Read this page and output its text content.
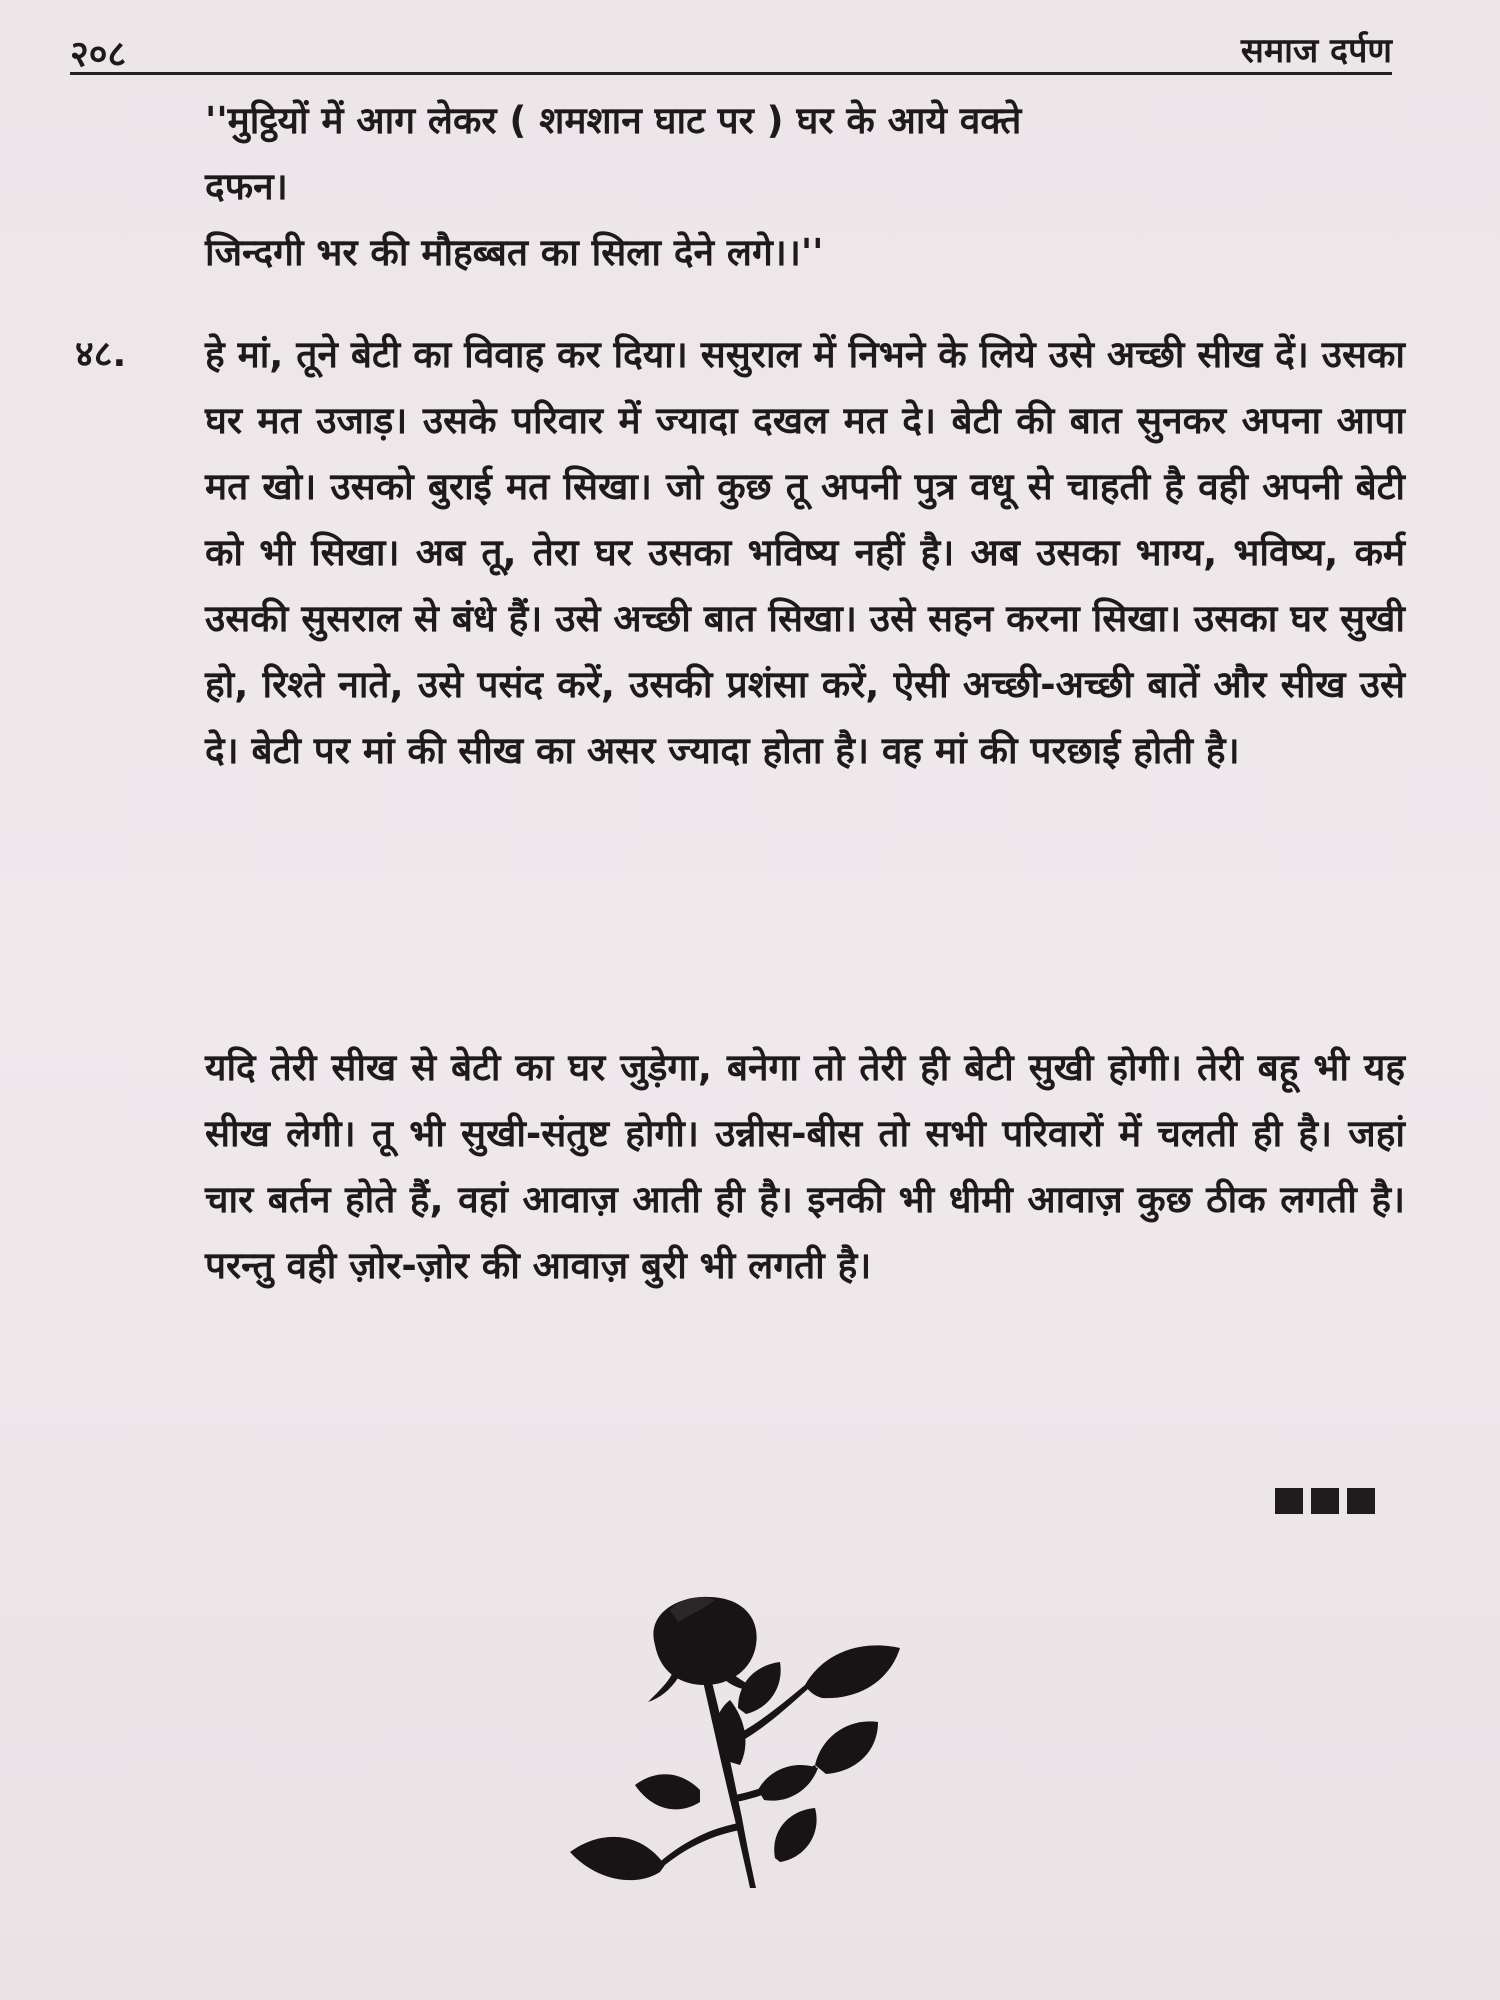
२०८	समाज दर्पण

''मुट्ठियों में आग लेकर ( शमशान घाट पर ) घर के आये वक्ते

दफन।

जिन्दगी भर की मौहब्बत का सिला देने लगे।।''

४८. हे मां, तूने बेटी का विवाह कर दिया। ससुराल में निभने के लिये उसे अच्छी सीख दें। उसका घर मत उजाड़। उसके परिवार में ज्यादा दखल मत दे। बेटी की बात सुनकर अपना आपा मत खो। उसको बुराई मत सिखा। जो कुछ तू अपनी पुत्र वधू से चाहती है वही अपनी बेटी को भी सिखा। अब तू, तेरा घर उसका भविष्य नहीं है। अब उसका भाग्य, भविष्य, कर्म उसकी सुसराल से बंधे हैं। उसे अच्छी बात सिखा। उसे सहन करना सिखा। उसका घर सुखी हो, रिश्ते नाते, उसे पसंद करें, उसकी प्रशंसा करें, ऐसी अच्छी-अच्छी बातें और सीख उसे दे। बेटी पर मां की सीख का असर ज्यादा होता है। वह मां की परछाई होती है।

यदि तेरी सीख से बेटी का घर जुड़ेगा, बनेगा तो तेरी ही बेटी सुखी होगी। तेरी बहू भी यह सीख लेगी। तू भी सुखी-संतुष्ट होगी। उन्नीस-बीस तो सभी परिवारों में चलती ही है। जहां चार बर्तन होते हैं, वहां आवाज़ आती ही है। इनकी भी धीमी आवाज़ कुछ ठीक लगती है। परन्तु वही ज़ोर-ज़ोर की आवाज़ बुरी भी लगती है।
